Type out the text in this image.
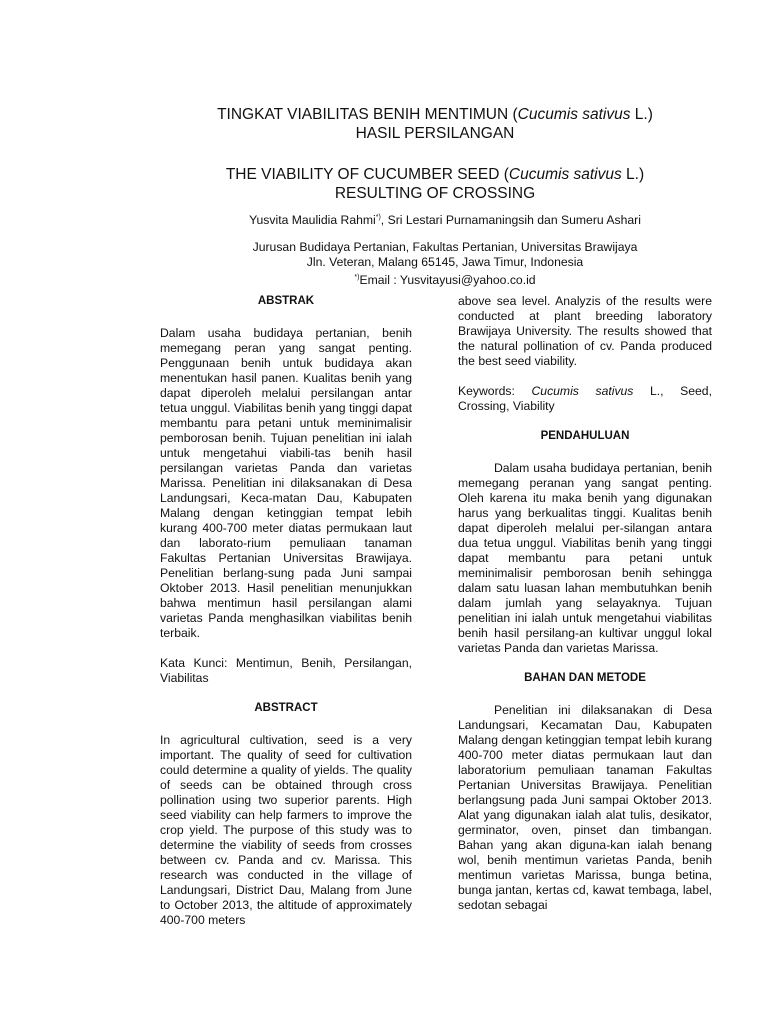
TINGKAT VIABILITAS BENIH MENTIMUN (Cucumis sativus L.)
HASIL PERSILANGAN
THE VIABILITY OF CUCUMBER SEED (Cucumis sativus L.)
RESULTING OF CROSSING
Yusvita Maulidia Rahmi*), Sri Lestari Purnamaningsih dan Sumeru Ashari
Jurusan Budidaya Pertanian, Fakultas Pertanian, Universitas Brawijaya
Jln. Veteran, Malang 65145, Jawa Timur, Indonesia
*)Email : Yusvitayusi@yahoo.co.id
ABSTRAK

Dalam usaha budidaya pertanian, benih memegang peran yang sangat penting. Penggunaan benih untuk budidaya akan menentukan hasil panen. Kualitas benih yang dapat diperoleh melalui persilangan antar tetua unggul. Viabilitas benih yang tinggi dapat membantu para petani untuk meminimalisir pemborosan benih. Tujuan penelitian ini ialah untuk mengetahui viabili-tas benih hasil persilangan varietas Panda dan varietas Marissa. Penelitian ini dilaksanakan di Desa Landungsari, Keca-matan Dau, Kabupaten Malang dengan ketinggian tempat lebih kurang 400-700 meter diatas permukaan laut dan laborato-rium pemuliaan tanaman Fakultas Pertanian Universitas Brawijaya. Penelitian berlang-sung pada Juni sampai Oktober 2013. Hasil penelitian menunjukkan bahwa mentimun hasil persilangan alami varietas Panda menghasilkan viabilitas benih terbaik.

Kata Kunci: Mentimun, Benih, Persilangan, Viabilitas

ABSTRACT

In agricultural cultivation, seed is a very important. The quality of seed for cultivation could determine a quality of yields. The quality of seeds can be obtained through cross pollination using two superior parents. High seed viability can help farmers to improve the crop yield. The purpose of this study was to determine the viability of seeds from crosses between cv. Panda and cv. Marissa. This research was conducted in the village of Landungsari, District Dau, Malang from June to October 2013, the altitude of approximately 400-700 meters

above sea level. Analyzis of the results were conducted at plant breeding laboratory Brawijaya University. The results showed that the natural pollination of cv. Panda produced the best seed viability.

Keywords: Cucumis sativus L., Seed, Crossing, Viability

PENDAHULUAN

Dalam usaha budidaya pertanian, benih memegang peranan yang sangat penting. Oleh karena itu maka benih yang digunakan harus yang berkualitas tinggi. Kualitas benih dapat diperoleh melalui per-silangan antara dua tetua unggul. Viabilitas benih yang tinggi dapat membantu para petani untuk meminimalisir pemborosan benih sehingga dalam satu luasan lahan membutuhkan benih dalam jumlah yang selayaknya. Tujuan penelitian ini ialah untuk mengetahui viabilitas benih hasil persilang-an kultivar unggul lokal varietas Panda dan varietas Marissa.

BAHAN DAN METODE

Penelitian ini dilaksanakan di Desa Landungsari, Kecamatan Dau, Kabupaten Malang dengan ketinggian tempat lebih kurang 400-700 meter diatas permukaan laut dan laboratorium pemuliaan tanaman Fakultas Pertanian Universitas Brawijaya. Penelitian berlangsung pada Juni sampai Oktober 2013. Alat yang digunakan ialah alat tulis, desikator, germinator, oven, pinset dan timbangan. Bahan yang akan diguna-kan ialah benang wol, benih mentimun varietas Panda, benih mentimun varietas Marissa, bunga betina, bunga jantan, kertas cd, kawat tembaga, label, sedotan sebagai
